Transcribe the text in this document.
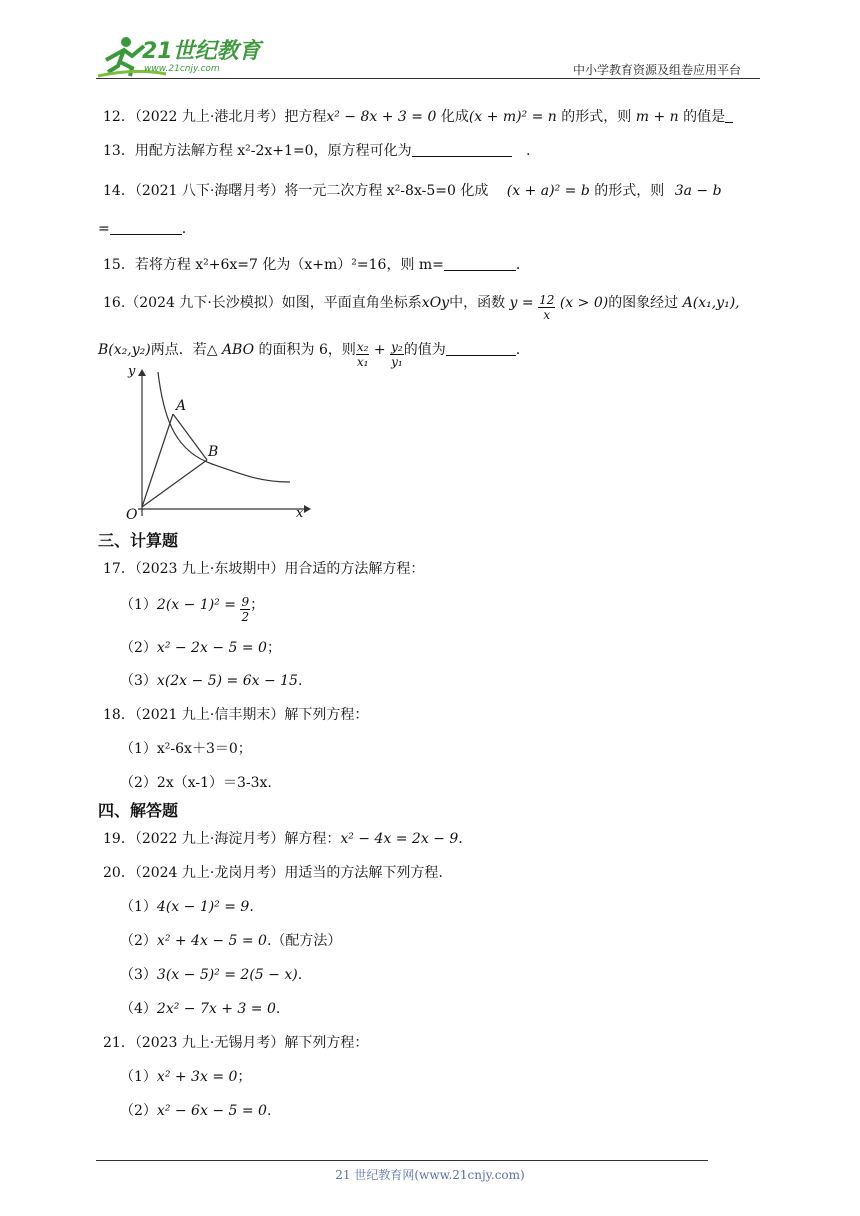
21世纪教育
www.21cnjy.com	中小学教育资源及组卷应用平台
12．（2022 九上·港北月考）把方程x² − 8x + 3 = 0 化成(x + m)² = n 的形式，则 m + n 的值是
13．用配方法解方程 x²-2x+1=0，原方程可化为	.
14．（2021 八下·海曙月考）将一元二次方程 x²-8x-5=0 化成 (x + a)² = b 的形式，则 3a − b
=	.
15．若将方程 x²+6x=7 化为（x+m）²=16，则 m=	.
16.（2024 九下·长沙模拟）如图，平面直角坐标系xOy中，函数 $y = \frac{12}{x} (x > 0)$的图象经过 A(x₁,y₁),
B(x₂,y₂)两点．若△ ABO 的面积为 6，则 $\frac{\text{x₂}}{\text{x₁}} + \frac{\text{y₂}}{\text{y₁}}$ 的值为	.
y
x
O
A
B
三、计算题
17．（2023 九上·东坡期中）用合适的方法解方程：
$(1)2(x - 1)^2 = \frac{9}{2}$ ；
（2）x² − 2x − 5 = 0；
（3）x(2x − 5) = 6x − 15.
18．（2021 九上·信丰期末）解下列方程：
（1）x²-6x＋3＝0；
（2）2x（x-1）＝3-3x.
四、解答题
19．（2022 九上·海淀月考）解方程：x² − 4x = 2x − 9.
20．（2024 九上·龙岗月考）用适当的方法解下列方程.
（1）4(x − 1)² = 9.
（2）x² + 4x − 5 = 0.（配方法）
（3）3(x − 5)² = 2(5 − x).
（4）2x² − 7x + 3 = 0.
21．（2023 九上·无锡月考）解下列方程：
（1）x² + 3x = 0；
（2）x² − 6x − 5 = 0.
21 世纪教育网(www.21cnjy.com)
